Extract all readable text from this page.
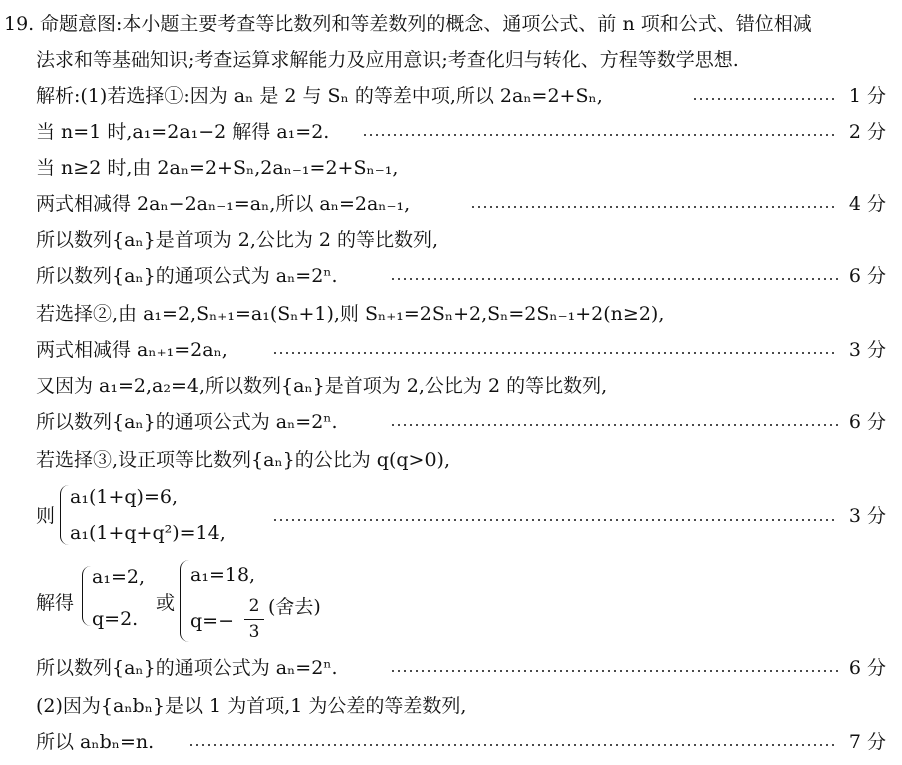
19. 命题意图:本小题主要考查等比数列和等差数列的概念、通项公式、前 n 项和公式、错位相减
法求和等基础知识;考查运算求解能力及应用意识;考查化归与转化、方程等数学思想.
解析:(1)若选择①:因为 aₙ 是 2 与 Sₙ 的等差中项,所以 2aₙ=2+Sₙ,	1 分
当 n=1 时,a₁=2a₁−2 解得 a₁=2.	2 分
当 n≥2 时,由 2aₙ=2+Sₙ,2aₙ₋₁=2+Sₙ₋₁,
两式相减得 2aₙ−2aₙ₋₁=aₙ,所以 aₙ=2aₙ₋₁,	4 分
所以数列{aₙ}是首项为 2,公比为 2 的等比数列,
所以数列{aₙ}的通项公式为 aₙ=2ⁿ.	6 分
若选择②,由 a₁=2,Sₙ₊₁=a₁(Sₙ+1),则 Sₙ₊₁=2Sₙ+2,Sₙ=2Sₙ₋₁+2(n≥2),
两式相减得 aₙ₊₁=2aₙ,	3 分
又因为 a₁=2,a₂=4,所以数列{aₙ}是首项为 2,公比为 2 的等比数列,
所以数列{aₙ}的通项公式为 aₙ=2ⁿ.	6 分
若选择③,设正项等比数列{aₙ}的公比为 q(q>0),
则
a₁(1+q)=6,
a₁(1+q+q²)=14,
3 分
解得
a₁=2,
q=2.
或
a₁=18,
q=−
2
3
(舍去)
所以数列{aₙ}的通项公式为 aₙ=2ⁿ.	6 分
(2)因为{aₙbₙ}是以 1 为首项,1 为公差的等差数列,
所以 aₙbₙ=n.	7 分
